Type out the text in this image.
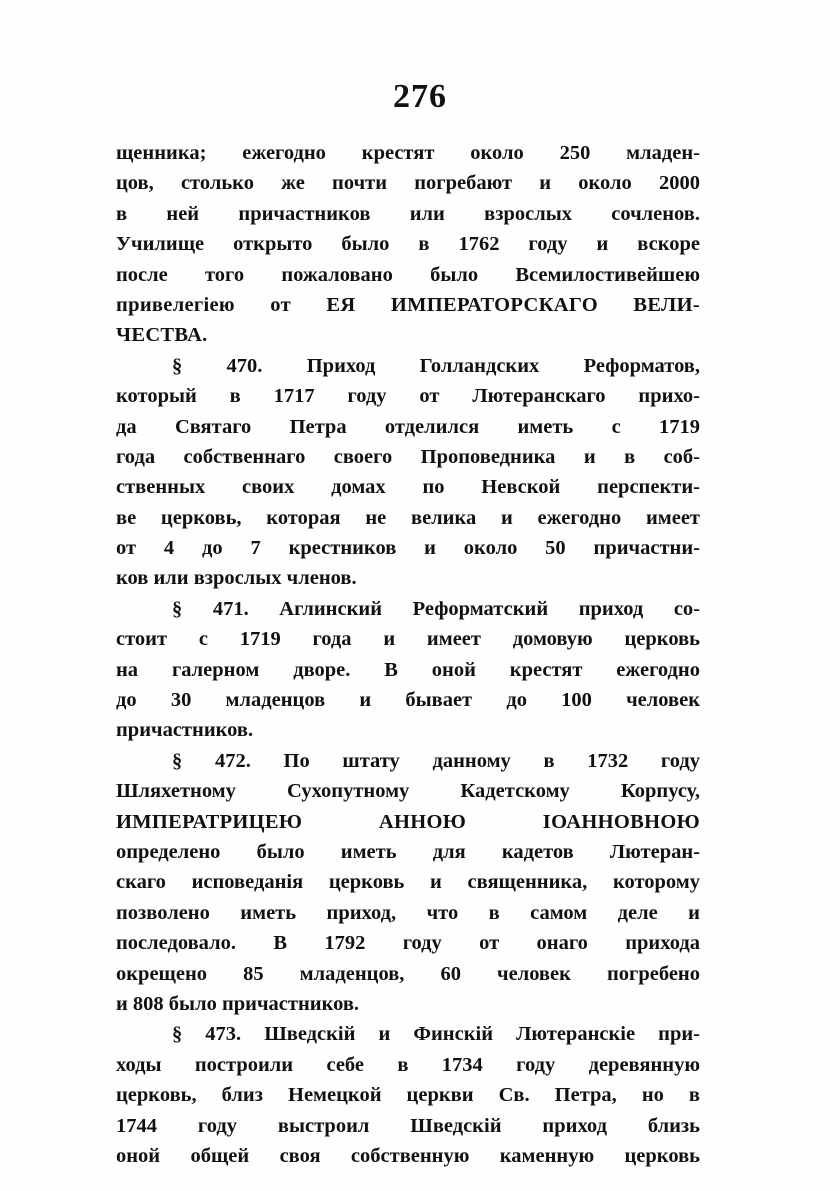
276
щенника; ежегодно крестят около 250 младен-
цов, столько же почти погребают и около 2000
в ней причастников или взрослых сочленов.
Училище открыто было в 1762 году и вскоре
после того пожаловано было Всемилостивейшею
привелегiею от ЕЯ ИМПЕРАТОРСКАГО ВЕЛИ-
ЧЕСТВА.
§ 470. Приход Голландских Реформатов,
который в 1717 году от Лютеранскаго прихо-
да Святаго Петра отделился иметь с 1719
года собственнаго своего Проповедника и в соб-
ственных своих домах по Невской перспекти-
ве церковь, которая не велика и ежегодно имеет
от 4 до 7 крестников и около 50 причастни-
ков или взрослых членов.
§ 471. Аглинский Реформатский приход со-
стоит с 1719 года и имеет домовую церковь
на галерном дворе. В оной крестят ежегодно
до 30 младенцов и бывает до 100 человек
причастников.
§ 472. По штату данному в 1732 году
Шляхетному Сухопутному Кадетскому Корпусу,
ИМПЕРАТРИЦЕЮ АННОЮ ІОАННОВНОЮ
определено было иметь для кадетов Лютеран-
скаго исповеданiя церковь и священника, которому
позволено иметь приход, что в самом деле и
последовало. В 1792 году от онаго прихода
окрещено 85 младенцов, 60 человек погребено
и 808 было причастников.
§ 473. Шведскiй и Финскiй Лютеранскiе при-
ходы построили себе в 1734 году деревянную
церковь, близ Немецкой церкви Св. Петра, но в
1744 году выстроил Шведскiй приход близь
оной общей своя собственную каменную церковь
